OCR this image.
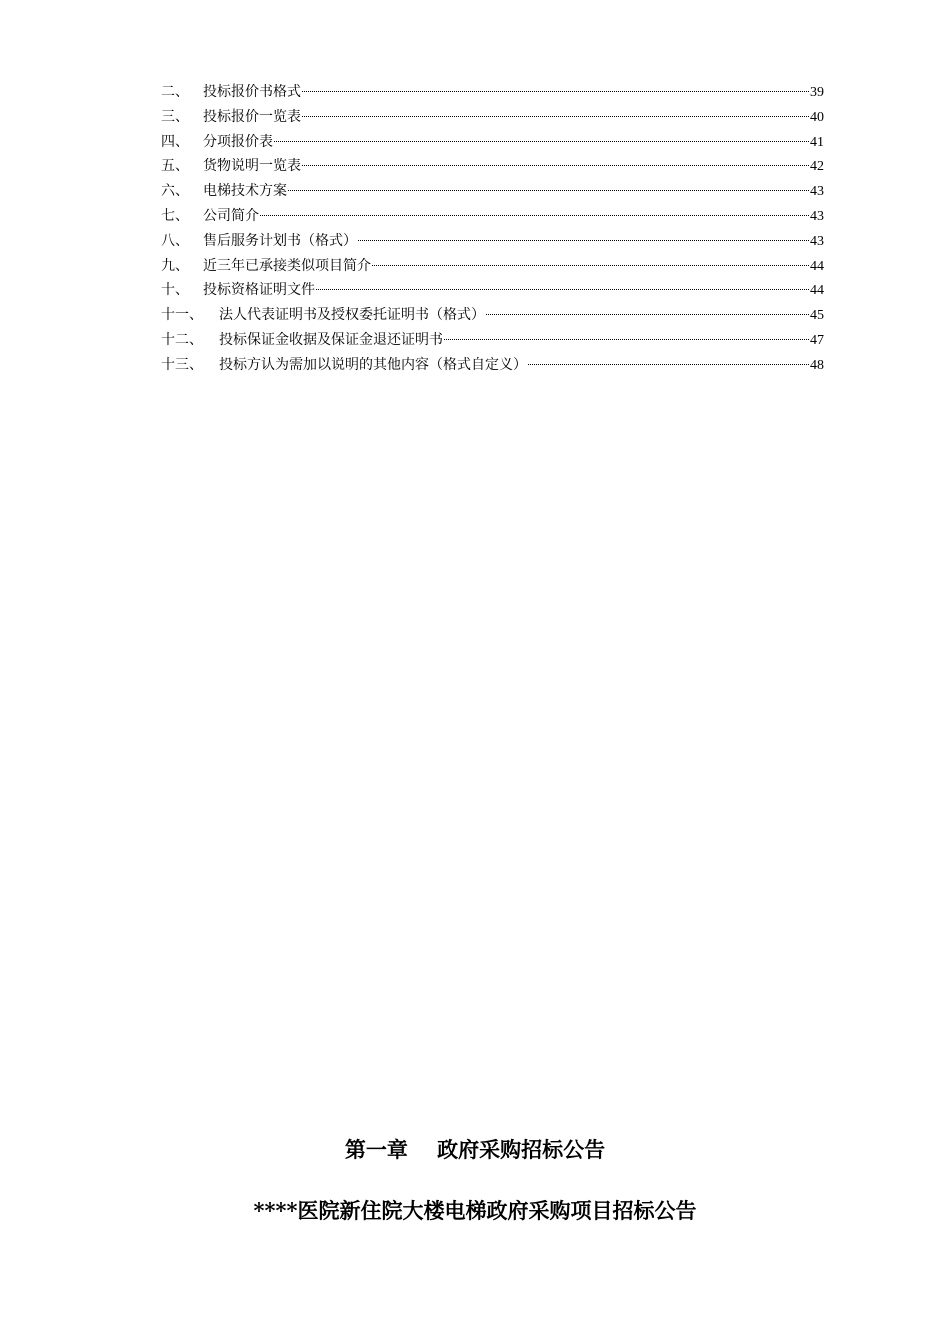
二、	投标报价书格式	39
三、	投标报价一览表	40
四、	分项报价表	41
五、	货物说明一览表	42
六、	电梯技术方案	43
七、	公司简介	43
八、	售后服务计划书（格式）	43
九、	近三年已承接类似项目简介	44
十、	投标资格证明文件	44
十一、	法人代表证明书及授权委托证明书（格式）	45
十二、	投标保证金收据及保证金退还证明书	47
十三、	投标方认为需加以说明的其他内容（格式自定义）	48
第一章    政府采购招标公告
****医院新住院大楼电梯政府采购项目招标公告
